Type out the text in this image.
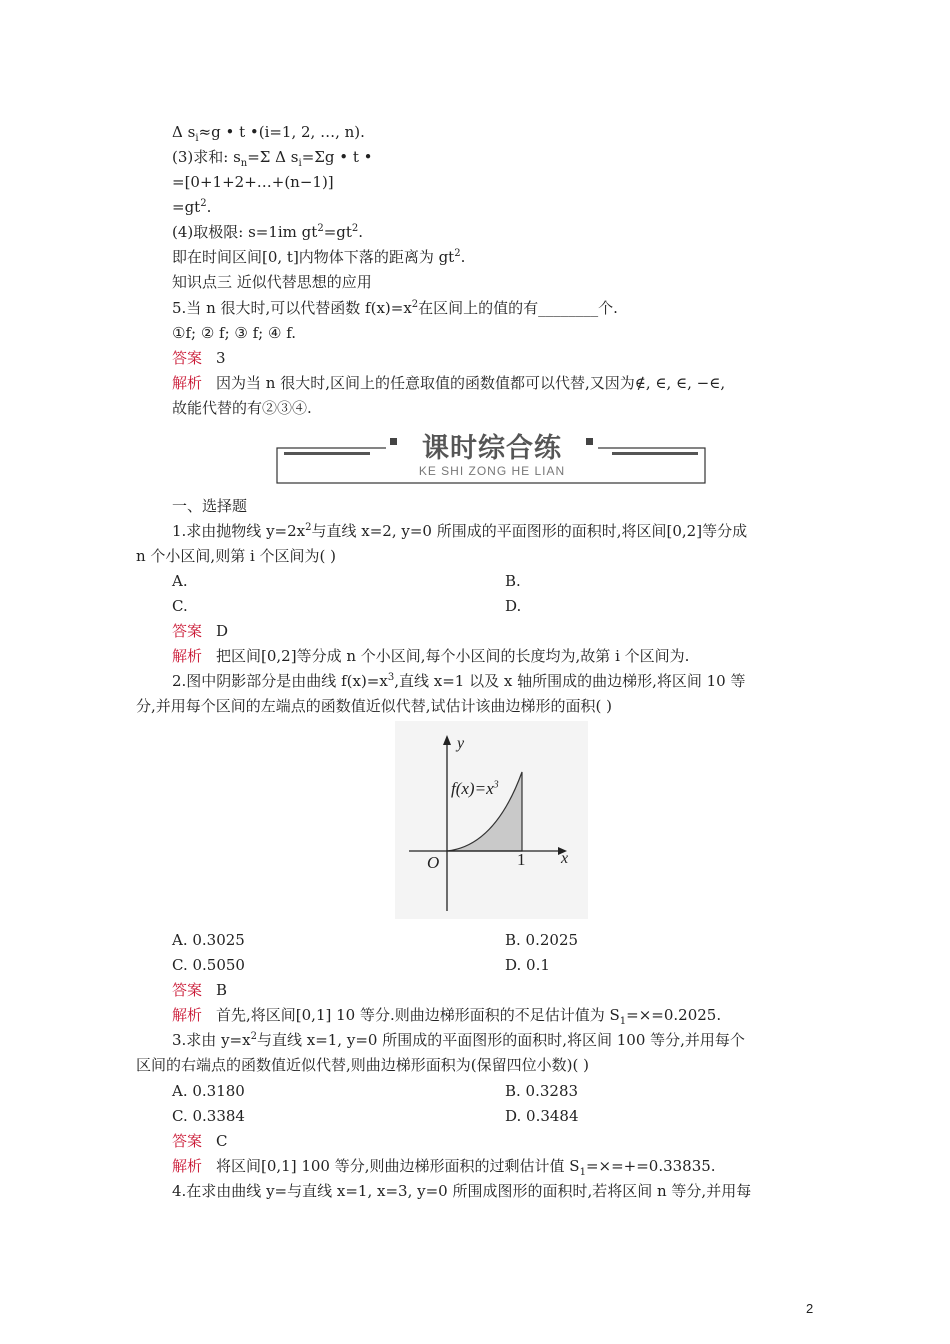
Δ $s_i\approx g$ • t •(i=1, 2, …, n).
(3)求和: $s_n=\Sigma$ Δ $s_i=\Sigma g$ • t •
=[0+1+2+…+(n−1)]
$=gt^2$.
(4)取极限: s=1im $gt^2=gt^2$.
即在时间区间[0, t]内物体下落的距离为 $gt^2$.
知识点三 近似代替思想的应用
5.当 n 很大时,可以代替函数 $f(x)=x^2$在区间上的值的有________个.
①f; ② f; ③ f; ④ f.
答案 3
解析 因为当 n 很大时,区间上的任意取值的函数值都可以代替,又因为∉, ∈, ∈, −∈,
故能代替的有②③④.
课时综合练
KE SHI ZONG HE LIAN
一、选择题
1.求由抛物线 $y=2x^2$与直线 x=2, y=0 所围成的平面图形的面积时,将区间[0,2]等分成
n 个小区间,则第 i 个区间为( )
A.	B.
C.	D.
答案 D
解析 把区间[0,2]等分成 n 个小区间,每个小区间的长度均为,故第 i 个区间为.
2.图中阴影部分是由曲线 $f(x)=x^3$,直线 x=1 以及 x 轴所围成的曲边梯形,将区间 10 等
分,并用每个区间的左端点的函数值近似代替,试估计该曲边梯形的面积( )
y
x
O	1
$f(x)=x^3$
A. 0.3025	B. 0.2025
C. 0.5050	D. 0.1
答案 B
解析 首先,将区间[0,1] 10 等分.则曲边梯形面积的不足估计值为 $S_1=\times=0.2025$.
3.求由 $y=x^2$与直线 x=1, y=0 所围成的平面图形的面积时,将区间 100 等分,并用每个
区间的右端点的函数值近似代替,则曲边梯形面积为(保留四位小数)( )
A. 0.3180	B. 0.3283
C. 0.3384	D. 0.3484
答案 C
解析 将区间[0,1] 100 等分,则曲边梯形面积的过剩估计值 $S_1=\times=+=0.33835$.
4.在求由曲线 y=与直线 x=1, x=3, y=0 所围成图形的面积时,若将区间 n 等分,并用每
2
